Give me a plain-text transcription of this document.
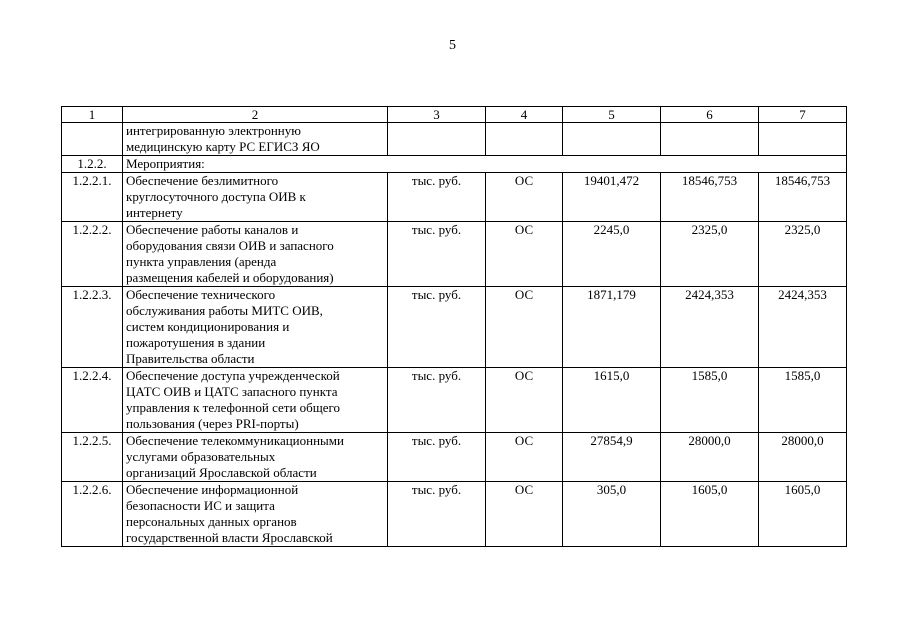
5
1	2	3	4	5	6	7
	интегрированную электронную
медицинскую карту РС ЕГИСЗ ЯО					
1.2.2.	Мероприятия:					
1.2.2.1.	Обеспечение безлимитного
круглосуточного доступа ОИВ к
интернету	тыс. руб.	ОС	19401,472	18546,753	18546,753
1.2.2.2.	Обеспечение работы каналов и
оборудования связи ОИВ и запасного
пункта управления (аренда
размещения кабелей и оборудования)	тыс. руб.	ОС	2245,0	2325,0	2325,0
1.2.2.3.	Обеспечение технического
обслуживания работы МИТС ОИВ,
систем кондиционирования и
пожаротушения в здании
Правительства области	тыс. руб.	ОС	1871,179	2424,353	2424,353
1.2.2.4.	Обеспечение доступа учрежденческой
ЦАТС ОИВ и ЦАТС запасного пункта
управления к телефонной сети общего
пользования (через PRI-порты)	тыс. руб.	ОС	1615,0	1585,0	1585,0
1.2.2.5.	Обеспечение телекоммуникационными
услугами образовательных
организаций Ярославской области	тыс. руб.	ОС	27854,9	28000,0	28000,0
1.2.2.6.	Обеспечение информационной
безопасности ИС и защита
персональных данных органов
государственной власти Ярославской	тыс. руб.	ОС	305,0	1605,0	1605,0
